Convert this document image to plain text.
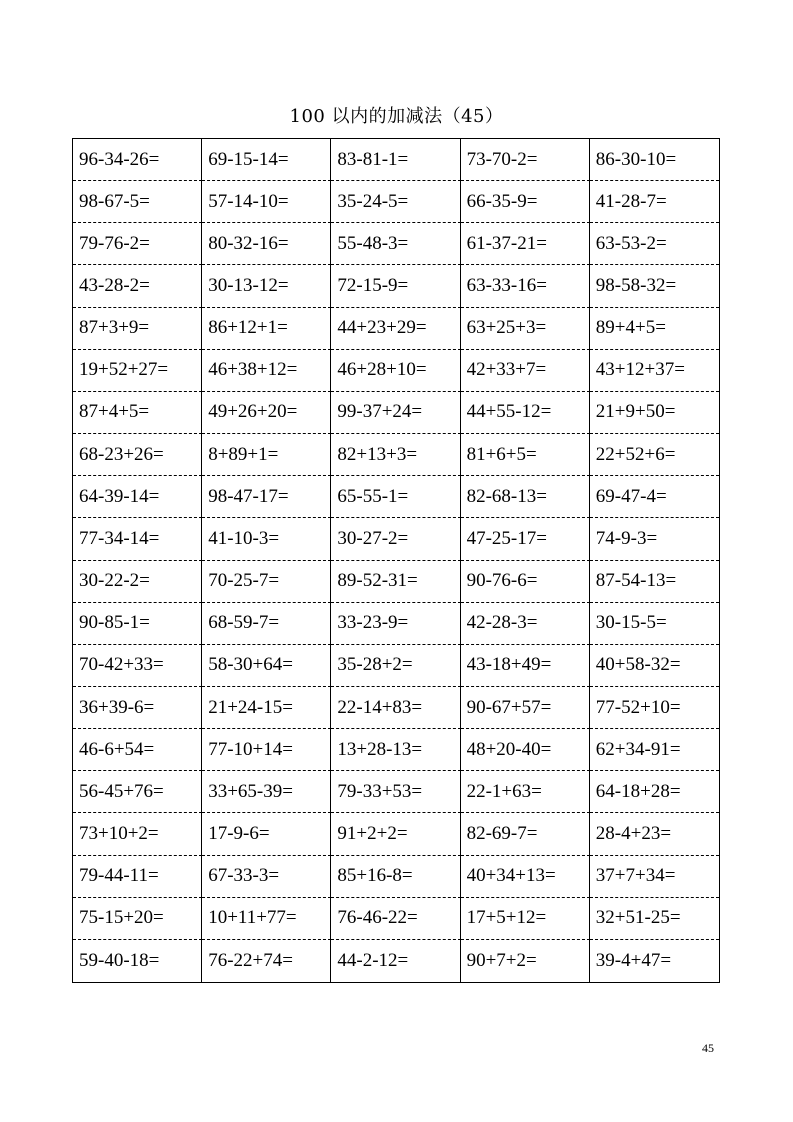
100 以内的加减法（45）
96-34-26=	69-15-14=	83-81-1=	73-70-2=	86-30-10=
98-67-5=	57-14-10=	35-24-5=	66-35-9=	41-28-7=
79-76-2=	80-32-16=	55-48-3=	61-37-21=	63-53-2=
43-28-2=	30-13-12=	72-15-9=	63-33-16=	98-58-32=
87+3+9=	86+12+1=	44+23+29=	63+25+3=	89+4+5=
19+52+27=	46+38+12=	46+28+10=	42+33+7=	43+12+37=
87+4+5=	49+26+20=	99-37+24=	44+55-12=	21+9+50=
68-23+26=	8+89+1=	82+13+3=	81+6+5=	22+52+6=
64-39-14=	98-47-17=	65-55-1=	82-68-13=	69-47-4=
77-34-14=	41-10-3=	30-27-2=	47-25-17=	74-9-3=
30-22-2=	70-25-7=	89-52-31=	90-76-6=	87-54-13=
90-85-1=	68-59-7=	33-23-9=	42-28-3=	30-15-5=
70-42+33=	58-30+64=	35-28+2=	43-18+49=	40+58-32=
36+39-6=	21+24-15=	22-14+83=	90-67+57=	77-52+10=
46-6+54=	77-10+14=	13+28-13=	48+20-40=	62+34-91=
56-45+76=	33+65-39=	79-33+53=	22-1+63=	64-18+28=
73+10+2=	17-9-6=	91+2+2=	82-69-7=	28-4+23=
79-44-11=	67-33-3=	85+16-8=	40+34+13=	37+7+34=
75-15+20=	10+11+77=	76-46-22=	17+5+12=	32+51-25=
59-40-18=	76-22+74=	44-2-12=	90+7+2=	39-4+47=
45
